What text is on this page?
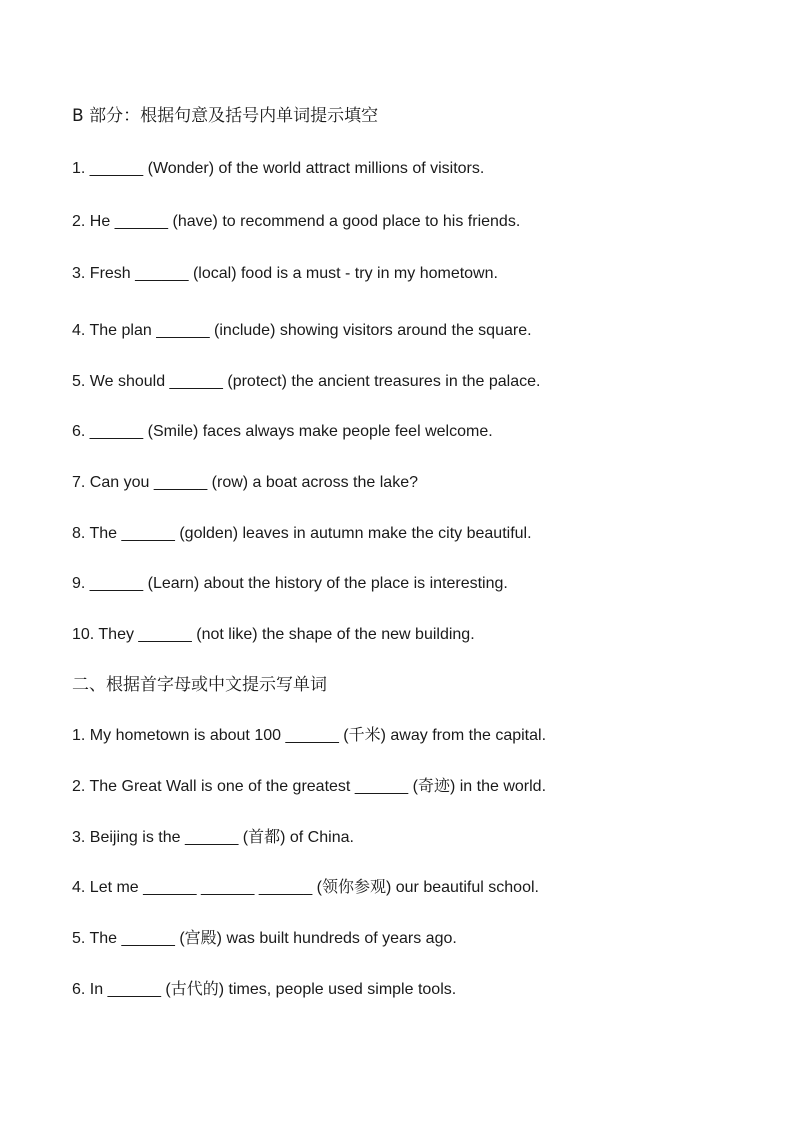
B 部分：根据句意及括号内单词提示填空
1. ______ (Wonder) of the world attract millions of visitors.
2. He ______ (have) to recommend a good place to his friends.
3. Fresh ______ (local) food is a must - try in my hometown.
4. The plan ______ (include) showing visitors around the square.
5. We should ______ (protect) the ancient treasures in the palace.
6. ______ (Smile) faces always make people feel welcome.
7. Can you ______ (row) a boat across the lake?
8. The ______ (golden) leaves in autumn make the city beautiful.
9. ______ (Learn) about the history of the place is interesting.
10. They ______ (not like) the shape of the new building.
二、根据首字母或中文提示写单词
1. My hometown is about 100 ______ (千米) away from the capital.
2. The Great Wall is one of the greatest ______ (奇迹) in the world.
3. Beijing is the ______ (首都) of China.
4. Let me ______ ______ ______ (领你参观) our beautiful school.
5. The ______ (宫殿) was built hundreds of years ago.
6. In ______ (古代的) times, people used simple tools.
